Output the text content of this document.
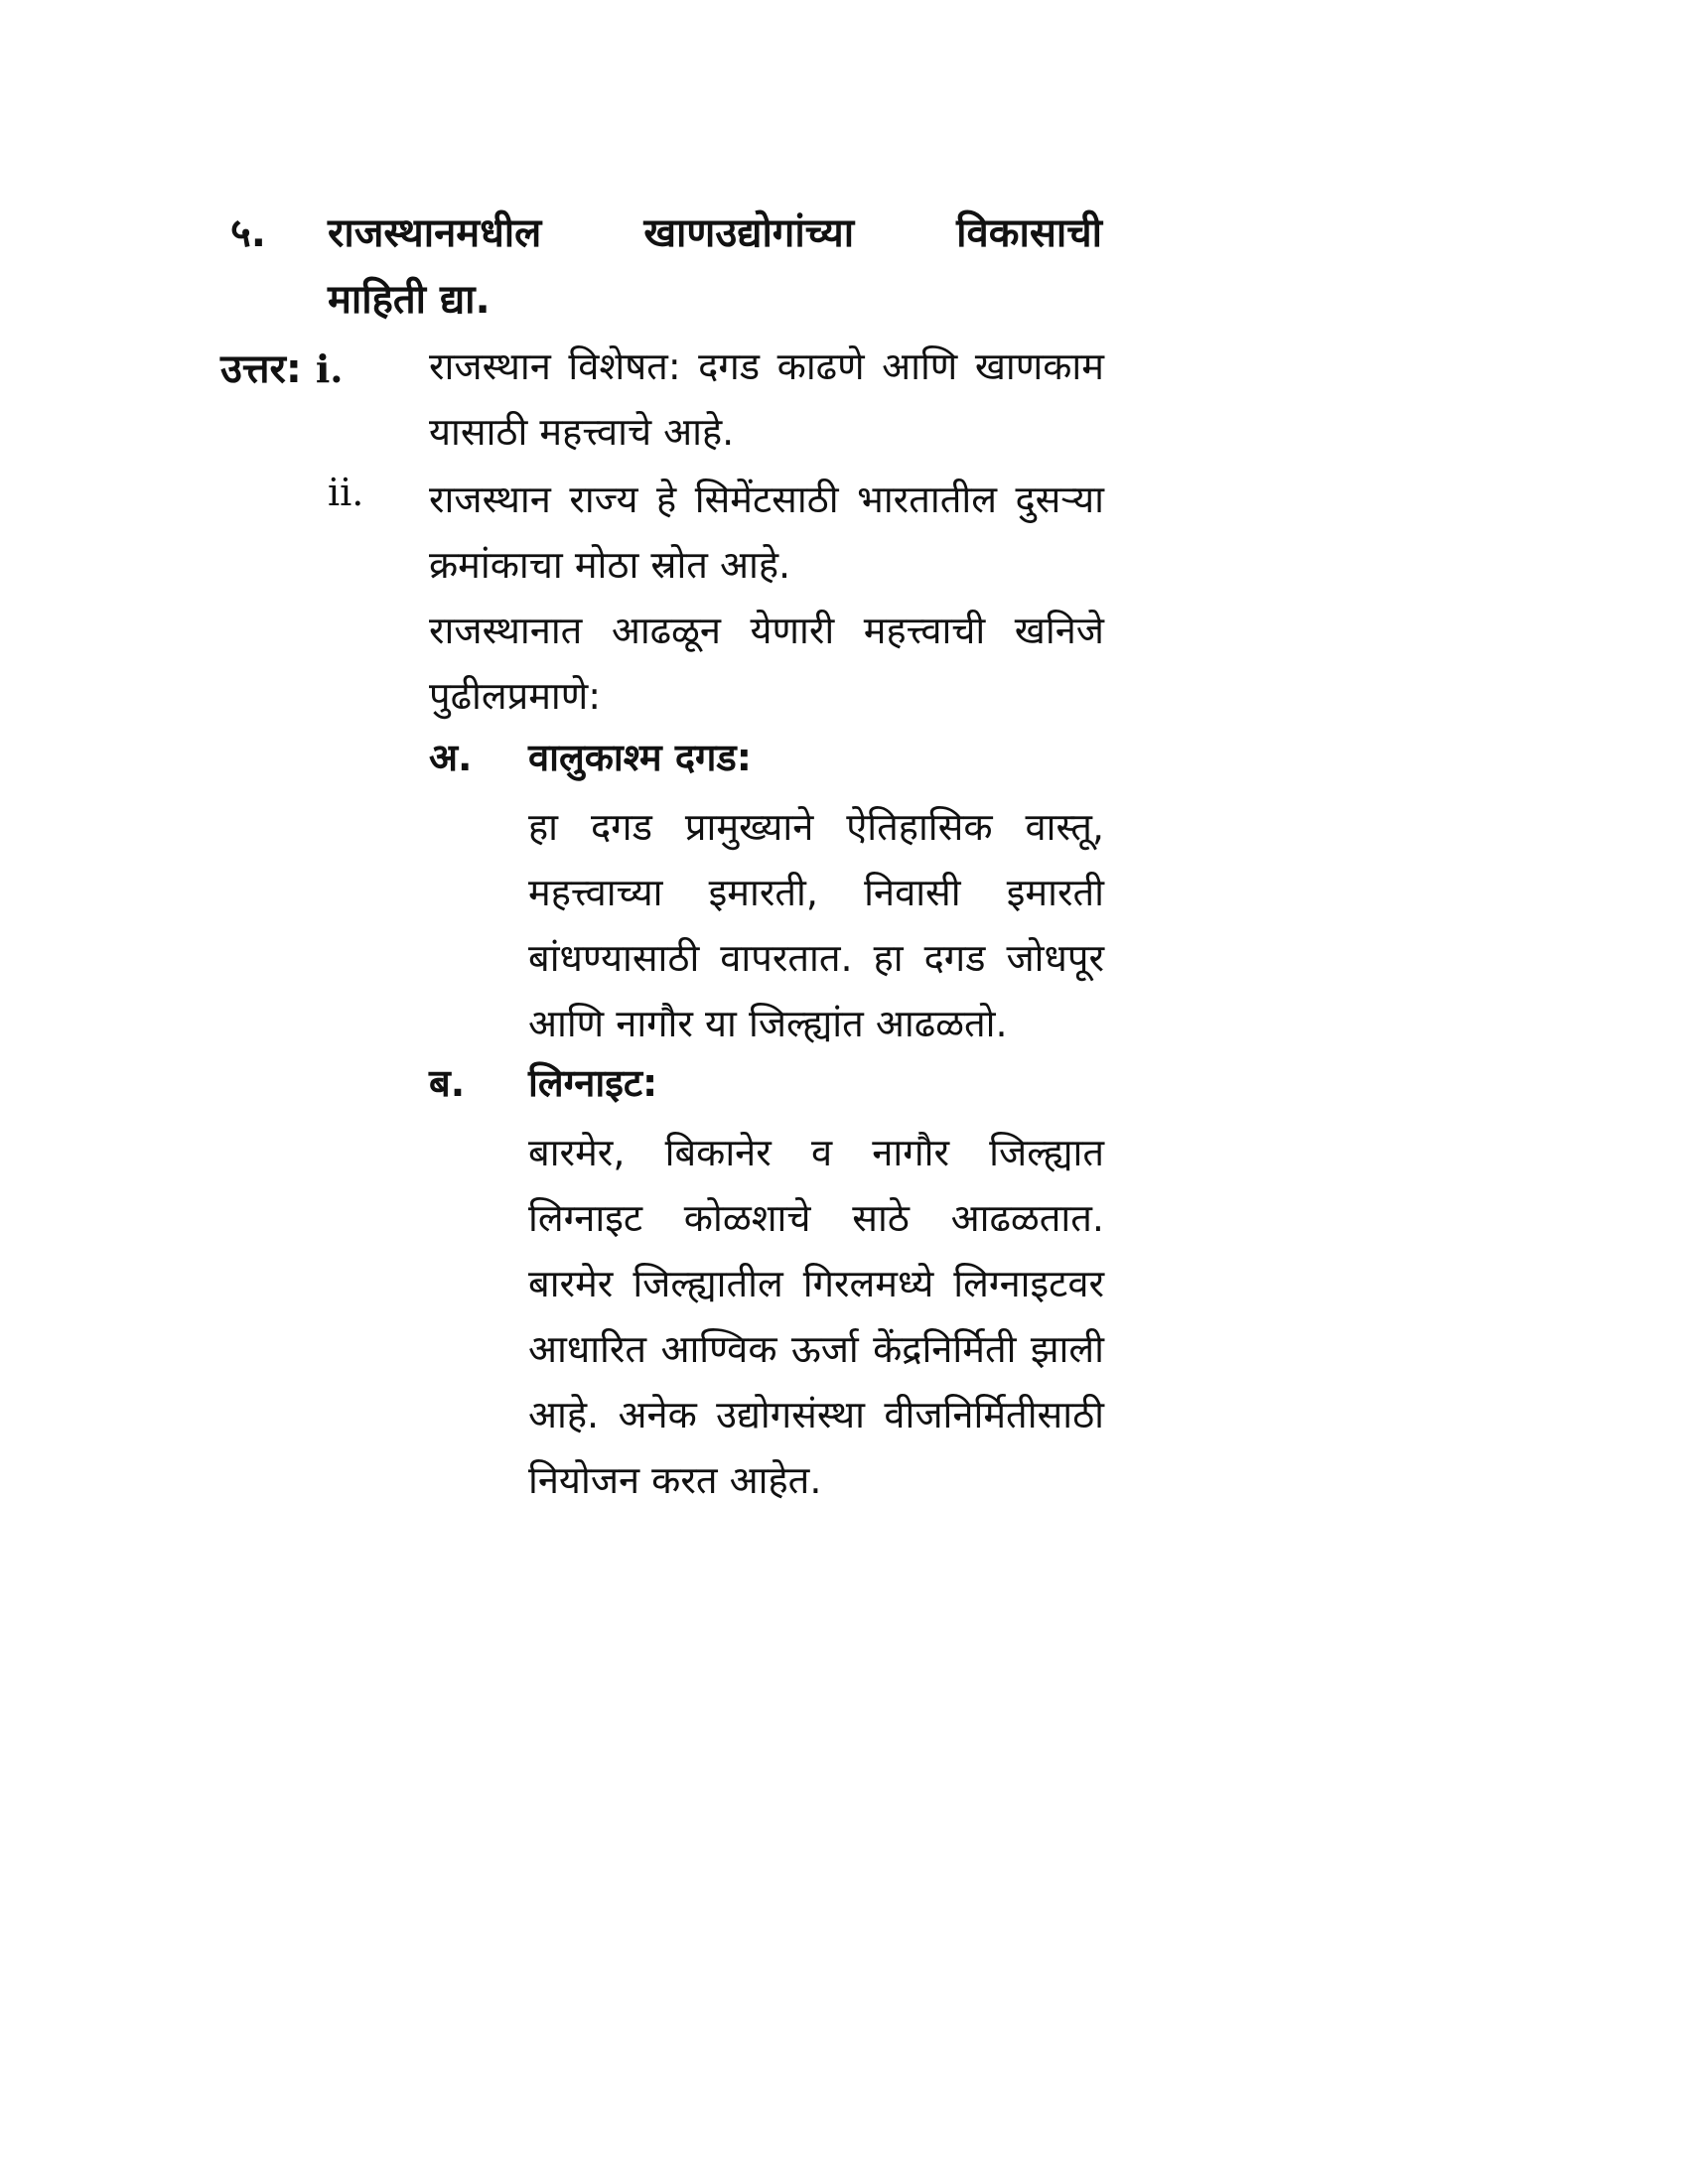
५. राजस्थानमधील	खाणउद्योगांच्या	विकासाची
माहिती द्या.
उत्तर: i. राजस्थान विशेषत: दगड काढणे आणि खाणकाम यासाठी महत्त्वाचे आहे.
ii. राजस्थान राज्य हे सिमेंटसाठी भारतातील दुसऱ्या क्रमांकाचा मोठा स्रोत आहे.
राजस्थानात आढळून येणारी महत्त्वाची खनिजे पुढीलप्रमाणे:
अ. वालुकाश्म दगड:
हा दगड प्रामुख्याने ऐतिहासिक वास्तू, महत्त्वाच्या इमारती, निवासी इमारती बांधण्यासाठी वापरतात. हा दगड जोधपूर आणि नागौर या जिल्ह्यांत आढळतो.
ब. लिग्नाइट:
बारमेर, बिकानेर व नागौर जिल्ह्यात लिग्नाइट कोळशाचे साठे आढळतात. बारमेर जिल्ह्यातील गिरलमध्ये लिग्नाइटवर आधारित आण्विक ऊर्जा केंद्रनिर्मिती झाली आहे. अनेक उद्योगसंस्था वीजनिर्मितीसाठी नियोजन करत आहेत.
